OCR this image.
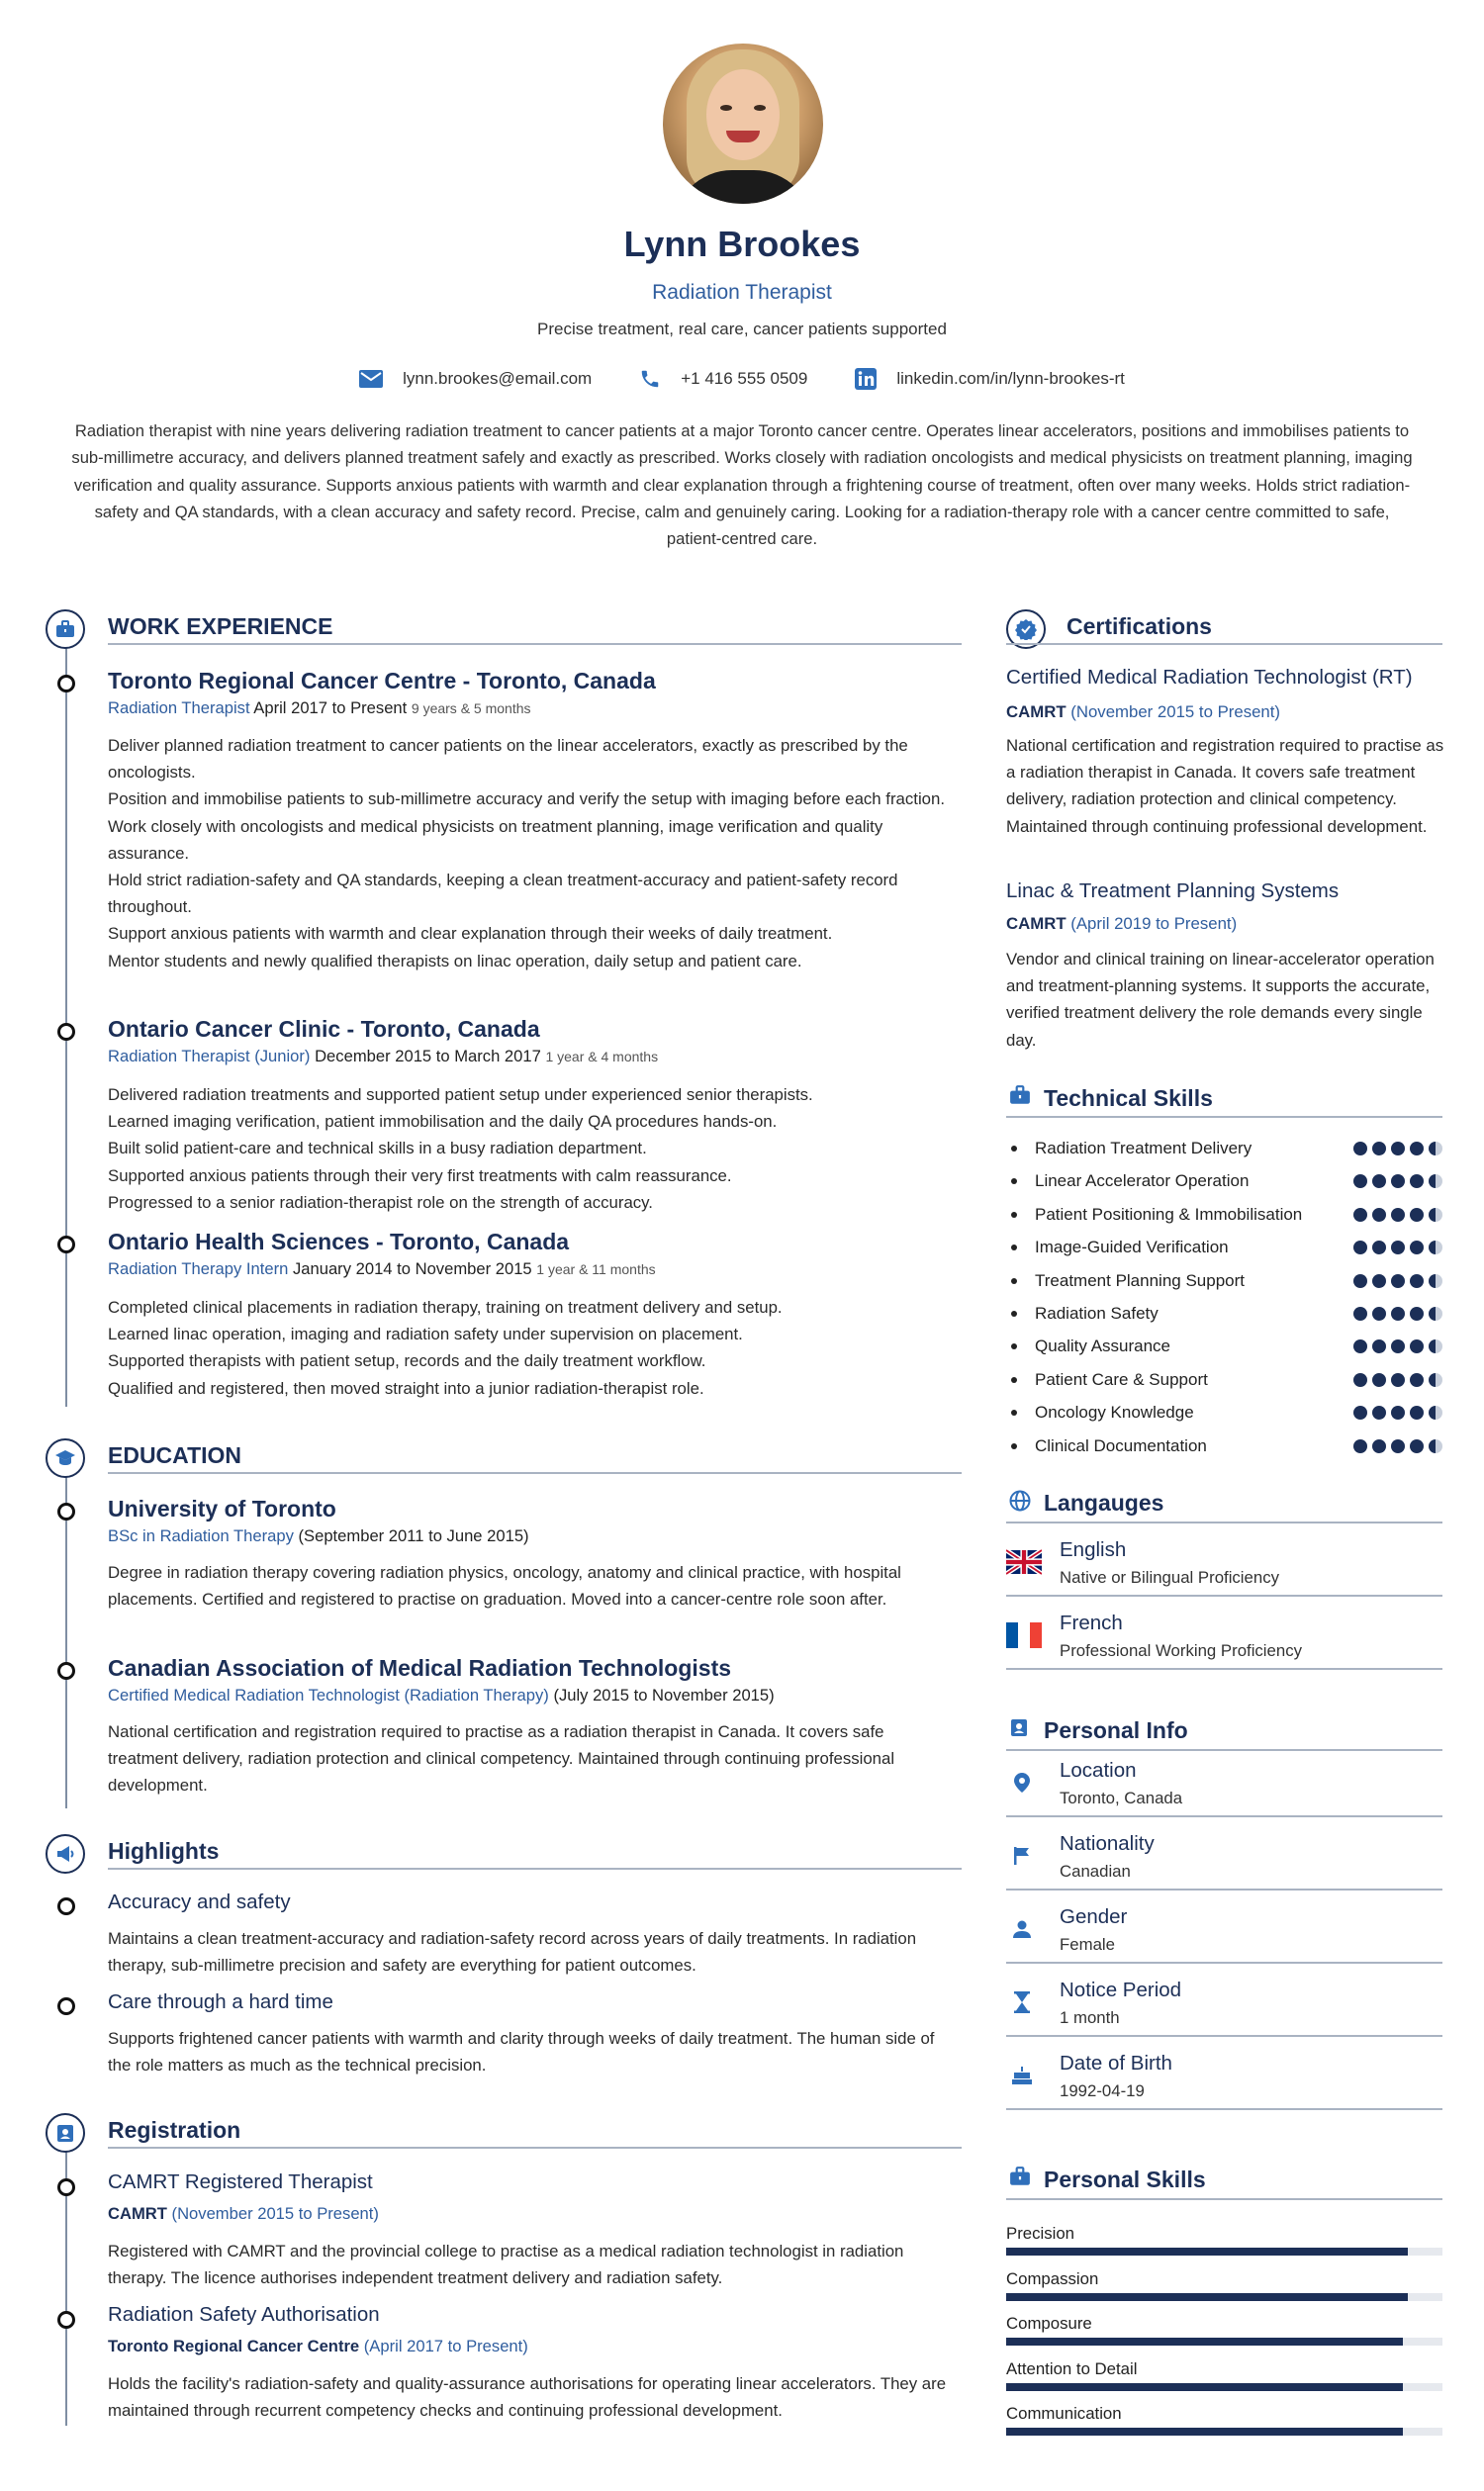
Lynn Brookes
Radiation Therapist
Precise treatment, real care, cancer patients supported
lynn.brookes@email.com	+1 416 555 0509	linkedin.com/in/lynn-brookes-rt
Radiation therapist with nine years delivering radiation treatment to cancer patients at a major Toronto cancer centre. Operates linear accelerators, positions and immobilises patients to sub-millimetre accuracy, and delivers planned treatment safely and exactly as prescribed. Works closely with radiation oncologists and medical physicists on treatment planning, imaging verification and quality assurance. Supports anxious patients with warmth and clear explanation through a frightening course of treatment, often over many weeks. Holds strict radiation-safety and QA standards, with a clean accuracy and safety record. Precise, calm and genuinely caring. Looking for a radiation-therapy role with a cancer centre committed to safe, patient-centred care.
WORK EXPERIENCE
Toronto Regional Cancer Centre - Toronto, Canada
Radiation Therapist April 2017 to Present 9 years & 5 months
Deliver planned radiation treatment to cancer patients on the linear accelerators, exactly as prescribed by the oncologists.
Position and immobilise patients to sub-millimetre accuracy and verify the setup with imaging before each fraction.
Work closely with oncologists and medical physicists on treatment planning, image verification and quality assurance.
Hold strict radiation-safety and QA standards, keeping a clean treatment-accuracy and patient-safety record throughout.
Support anxious patients with warmth and clear explanation through their weeks of daily treatment.
Mentor students and newly qualified therapists on linac operation, daily setup and patient care.
Ontario Cancer Clinic - Toronto, Canada
Radiation Therapist (Junior) December 2015 to March 2017 1 year & 4 months
Delivered radiation treatments and supported patient setup under experienced senior therapists.
Learned imaging verification, patient immobilisation and the daily QA procedures hands-on.
Built solid patient-care and technical skills in a busy radiation department.
Supported anxious patients through their very first treatments with calm reassurance.
Progressed to a senior radiation-therapist role on the strength of accuracy.
Ontario Health Sciences - Toronto, Canada
Radiation Therapy Intern January 2014 to November 2015 1 year & 11 months
Completed clinical placements in radiation therapy, training on treatment delivery and setup.
Learned linac operation, imaging and radiation safety under supervision on placement.
Supported therapists with patient setup, records and the daily treatment workflow.
Qualified and registered, then moved straight into a junior radiation-therapist role.
EDUCATION
University of Toronto
BSc in Radiation Therapy (September 2011 to June 2015)
Degree in radiation therapy covering radiation physics, oncology, anatomy and clinical practice, with hospital placements. Certified and registered to practise on graduation. Moved into a cancer-centre role soon after.
Canadian Association of Medical Radiation Technologists
Certified Medical Radiation Technologist (Radiation Therapy) (July 2015 to November 2015)
National certification and registration required to practise as a radiation therapist in Canada. It covers safe treatment delivery, radiation protection and clinical competency. Maintained through continuing professional development.
Highlights
Accuracy and safety
Maintains a clean treatment-accuracy and radiation-safety record across years of daily treatments. In radiation therapy, sub-millimetre precision and safety are everything for patient outcomes.
Care through a hard time
Supports frightened cancer patients with warmth and clarity through weeks of daily treatment. The human side of the role matters as much as the technical precision.
Registration
CAMRT Registered Therapist
CAMRT (November 2015 to Present)
Registered with CAMRT and the provincial college to practise as a medical radiation technologist in radiation therapy. The licence authorises independent treatment delivery and radiation safety.
Radiation Safety Authorisation
Toronto Regional Cancer Centre (April 2017 to Present)
Holds the facility's radiation-safety and quality-assurance authorisations for operating linear accelerators. They are maintained through recurrent competency checks and continuing professional development.
Certifications
Certified Medical Radiation Technologist (RT)
CAMRT (November 2015 to Present)
National certification and registration required to practise as a radiation therapist in Canada. It covers safe treatment delivery, radiation protection and clinical competency. Maintained through continuing professional development.
Linac & Treatment Planning Systems
CAMRT (April 2019 to Present)
Vendor and clinical training on linear-accelerator operation and treatment-planning systems. It supports the accurate, verified treatment delivery the role demands every single day.
Technical Skills
Radiation Treatment Delivery
Linear Accelerator Operation
Patient Positioning & Immobilisation
Image-Guided Verification
Treatment Planning Support
Radiation Safety
Quality Assurance
Patient Care & Support
Oncology Knowledge
Clinical Documentation
Langauges
English
Native or Bilingual Proficiency
French
Professional Working Proficiency
Personal Info
Location
Toronto, Canada
Nationality
Canadian
Gender
Female
Notice Period
1 month
Date of Birth
1992-04-19
Personal Skills
Precision
Compassion
Composure
Attention to Detail
Communication
